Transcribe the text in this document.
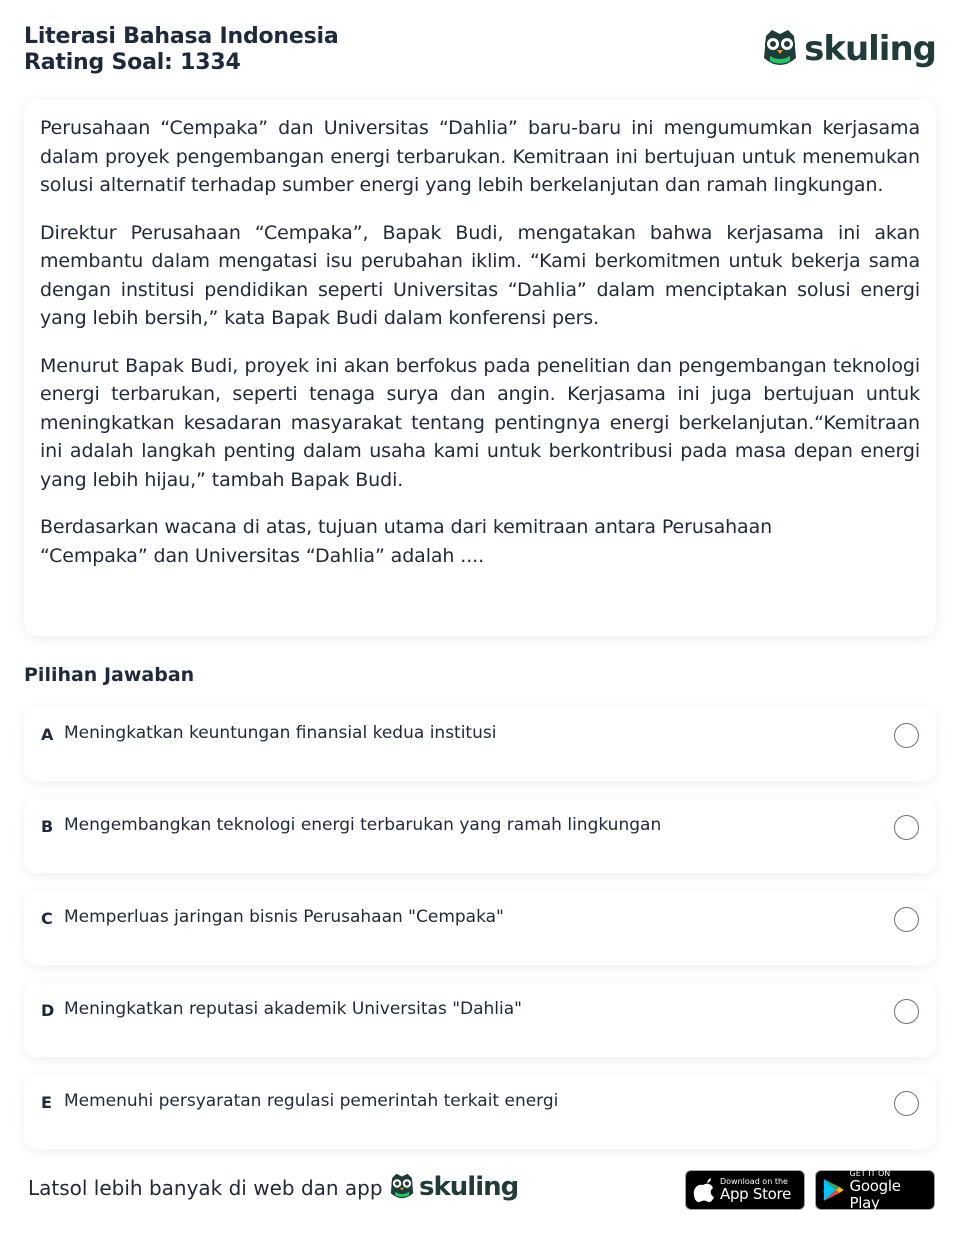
Literasi Bahasa Indonesia
Rating Soal: 1334	skuling

Perusahaan “Cempaka” dan Universitas “Dahlia” baru-baru ini mengumumkan kerjasama dalam proyek pengembangan energi terbarukan. Kemitraan ini bertujuan untuk menemukan solusi alternatif terhadap sumber energi yang lebih berkelanjutan dan ramah lingkungan.

Direktur Perusahaan “Cempaka”, Bapak Budi, mengatakan bahwa kerjasama ini akan membantu dalam mengatasi isu perubahan iklim. “Kami berkomitmen untuk bekerja sama dengan institusi pendidikan seperti Universitas “Dahlia” dalam menciptakan solusi energi yang lebih bersih,” kata Bapak Budi dalam konferensi pers.

Menurut Bapak Budi, proyek ini akan berfokus pada penelitian dan pengembangan teknologi energi terbarukan, seperti tenaga surya dan angin. Kerjasama ini juga bertujuan untuk meningkatkan kesadaran masyarakat tentang pentingnya energi berkelanjutan.“Kemitraan ini adalah langkah penting dalam usaha kami untuk berkontribusi pada masa depan energi yang lebih hijau,” tambah Bapak Budi.

Berdasarkan wacana di atas, tujuan utama dari kemitraan antara Perusahaan

“Cempaka” dan Universitas “Dahlia” adalah ....

Pilihan Jawaban
A Meningkatkan keuntungan finansial kedua institusi
B Mengembangkan teknologi energi terbarukan yang ramah lingkungan
C Memperluas jaringan bisnis Perusahaan "Cempaka"
D Meningkatkan reputasi akademik Universitas "Dahlia"
E Memenuhi persyaratan regulasi pemerintah terkait energi
Latsol lebih banyak di web dan app skuling	Download on the
App Store
GET IT ON
Google Play
